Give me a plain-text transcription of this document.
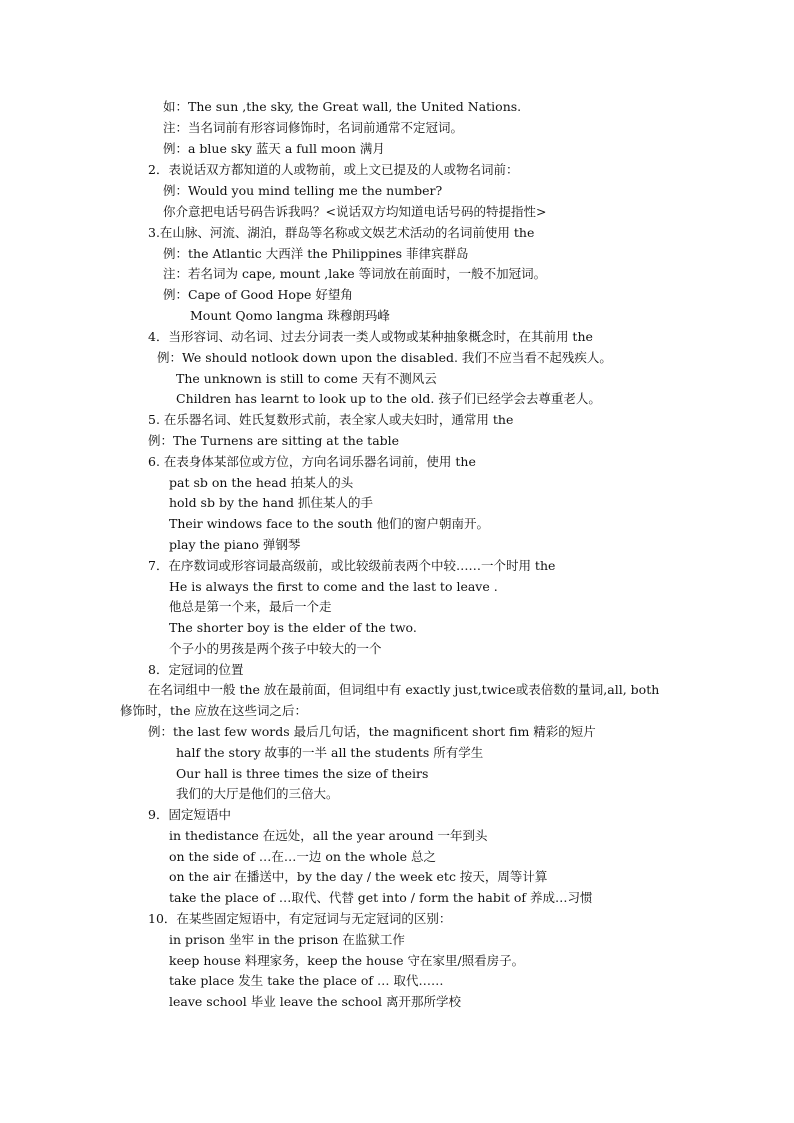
如：The sun ,the sky, the Great wall, the United Nations.
注：当名词前有形容词修饰时，名词前通常不定冠词。
例：a blue sky 蓝天 a full moon 满月
2．表说话双方都知道的人或物前，或上文已提及的人或物名词前：
例：Would you mind telling me the number?
你介意把电话号码告诉我吗？<说话双方均知道电话号码的特提指性>
3.在山脉、河流、湖泊，群岛等名称或文娱艺术活动的名词前使用 the
例：the Atlantic 大西洋 the Philippines 菲律宾群岛
注：若名词为 cape, mount ,lake 等词放在前面时，一般不加冠词。
例：Cape of Good Hope 好望角
Mount Qomo langma 珠穆朗玛峰
4．当形容词、动名词、过去分词表一类人或物或某种抽象概念时，在其前用 the
例：We should notlook down upon the disabled. 我们不应当看不起残疾人。
The unknown is still to come 天有不测风云
Children has learnt to look up to the old. 孩子们已经学会去尊重老人。
5. 在乐器名词、姓氏复数形式前，表全家人或夫妇时，通常用 the
例：The Turnens are sitting at the table
6. 在表身体某部位或方位，方向名词乐器名词前，使用 the
pat sb on the head 拍某人的头
hold sb by the hand 抓住某人的手
Their windows face to the south 他们的窗户朝南开。
play the piano 弹钢琴
7．在序数词或形容词最高级前，或比较级前表两个中较……一个时用 the
He is always the first to come and the last to leave .
他总是第一个来，最后一个走
The shorter boy is the elder of the two.
个子小的男孩是两个孩子中较大的一个
8．定冠词的位置
在名词组中一般 the 放在最前面，但词组中有 exactly just,twice或表倍数的量词,all, both
修饰时，the 应放在这些词之后：
例：the last few words 最后几句话，the magnificent short fim 精彩的短片
half the story 故事的一半 all the students 所有学生
Our hall is three times the size of theirs
我们的大厅是他们的三倍大。
9．固定短语中
in thedistance 在远处，all the year around 一年到头
on the side of …在…一边 on the whole 总之
on the air 在播送中，by the day / the week etc 按天，周等计算
take the place of …取代、代替 get into / form the habit of 养成…习惯
10．在某些固定短语中，有定冠词与无定冠词的区别：
in prison 坐牢 in the prison 在监狱工作
keep house 料理家务，keep the house 守在家里/照看房子。
take place 发生 take the place of … 取代……
leave school 毕业 leave the school 离开那所学校
